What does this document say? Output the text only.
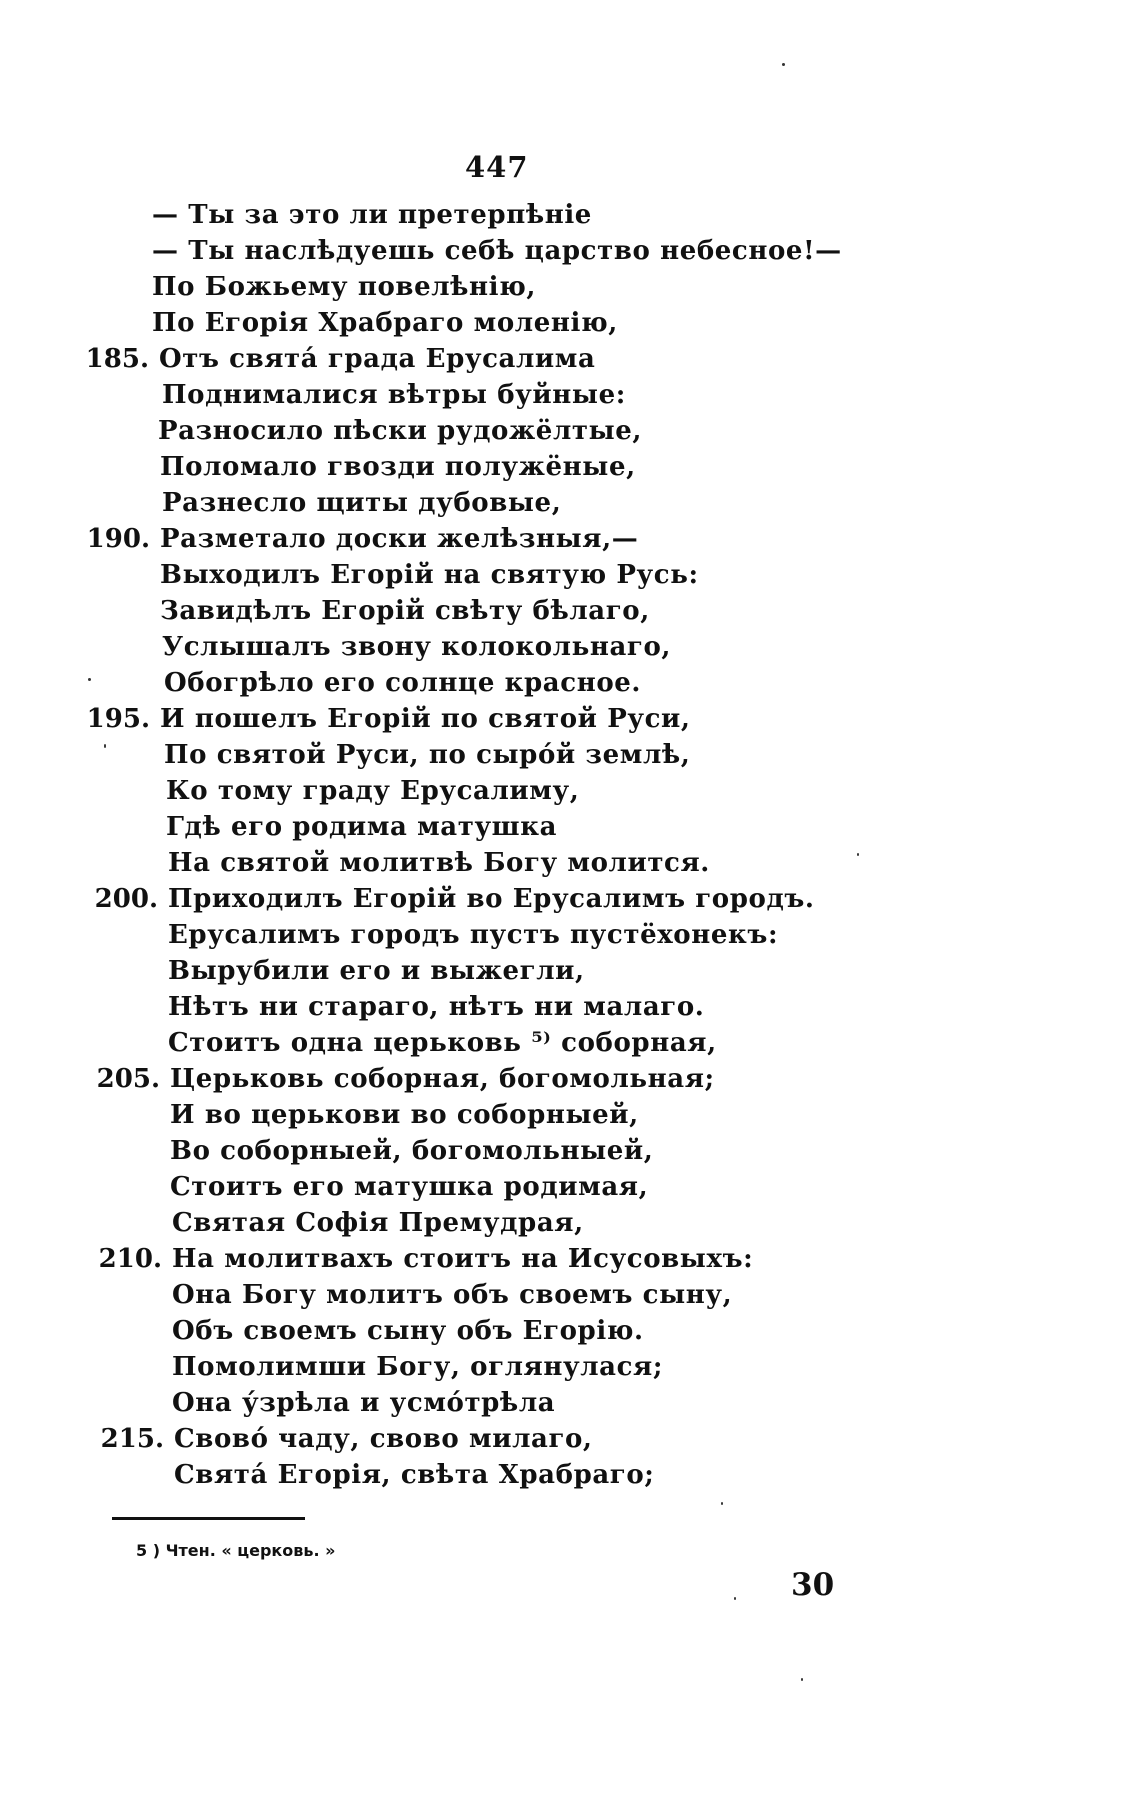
447
— Ты за это ли претерпѣніе
— Ты наслѣдуешь себѣ царство небесное!—
По Божьему повелѣнію,
По Егорія Храбраго моленію,
185. Отъ свята́ града Ерусалима
Поднималися вѣтры буйные:
Разносило пѣски рудожёлтые,
Поломало гвозди полужёные,
Разнесло щиты дубовые,
190. Разметало доски желѣзныя,—
Выходилъ Егорій на святую Русь:
Завидѣлъ Егорій свѣту бѣлаго,
Услышалъ звону колокольнаго,
Обогрѣло его солнце красное.
195. И пошелъ Егорій по святой Руси,
По святой Руси, по сыро́й землѣ,
Ко тому граду Ерусалиму,
Гдѣ его родима матушка
На святой молитвѣ Богу молится.
200. Приходилъ Егорій во Ерусалимъ городъ.
Ерусалимъ городъ пустъ пустёхонекъ:
Вырубили его и выжегли,
Нѣтъ ни стараго, нѣтъ ни малаго.
Стоитъ одна церьковь ⁵⁾ соборная,
205. Церьковь соборная, богомольная;
И во церькови во соборныей,
Во соборныей, богомольныей,
Стоитъ его матушка родимая,
Святая Софія Премудрая,
210. На молитвахъ стоитъ на Исусовыхъ:
Она Богу молитъ объ своемъ сыну,
Объ своемъ сыну объ Егорію.
Помолимши Богу, оглянулася;
Она у́зрѣла и усмо́трѣла
215. Свово́ чаду, свово милаго,
Свята́ Егорія, свѣта Храбраго;
5 ) Чтен. « церковь. »
30
